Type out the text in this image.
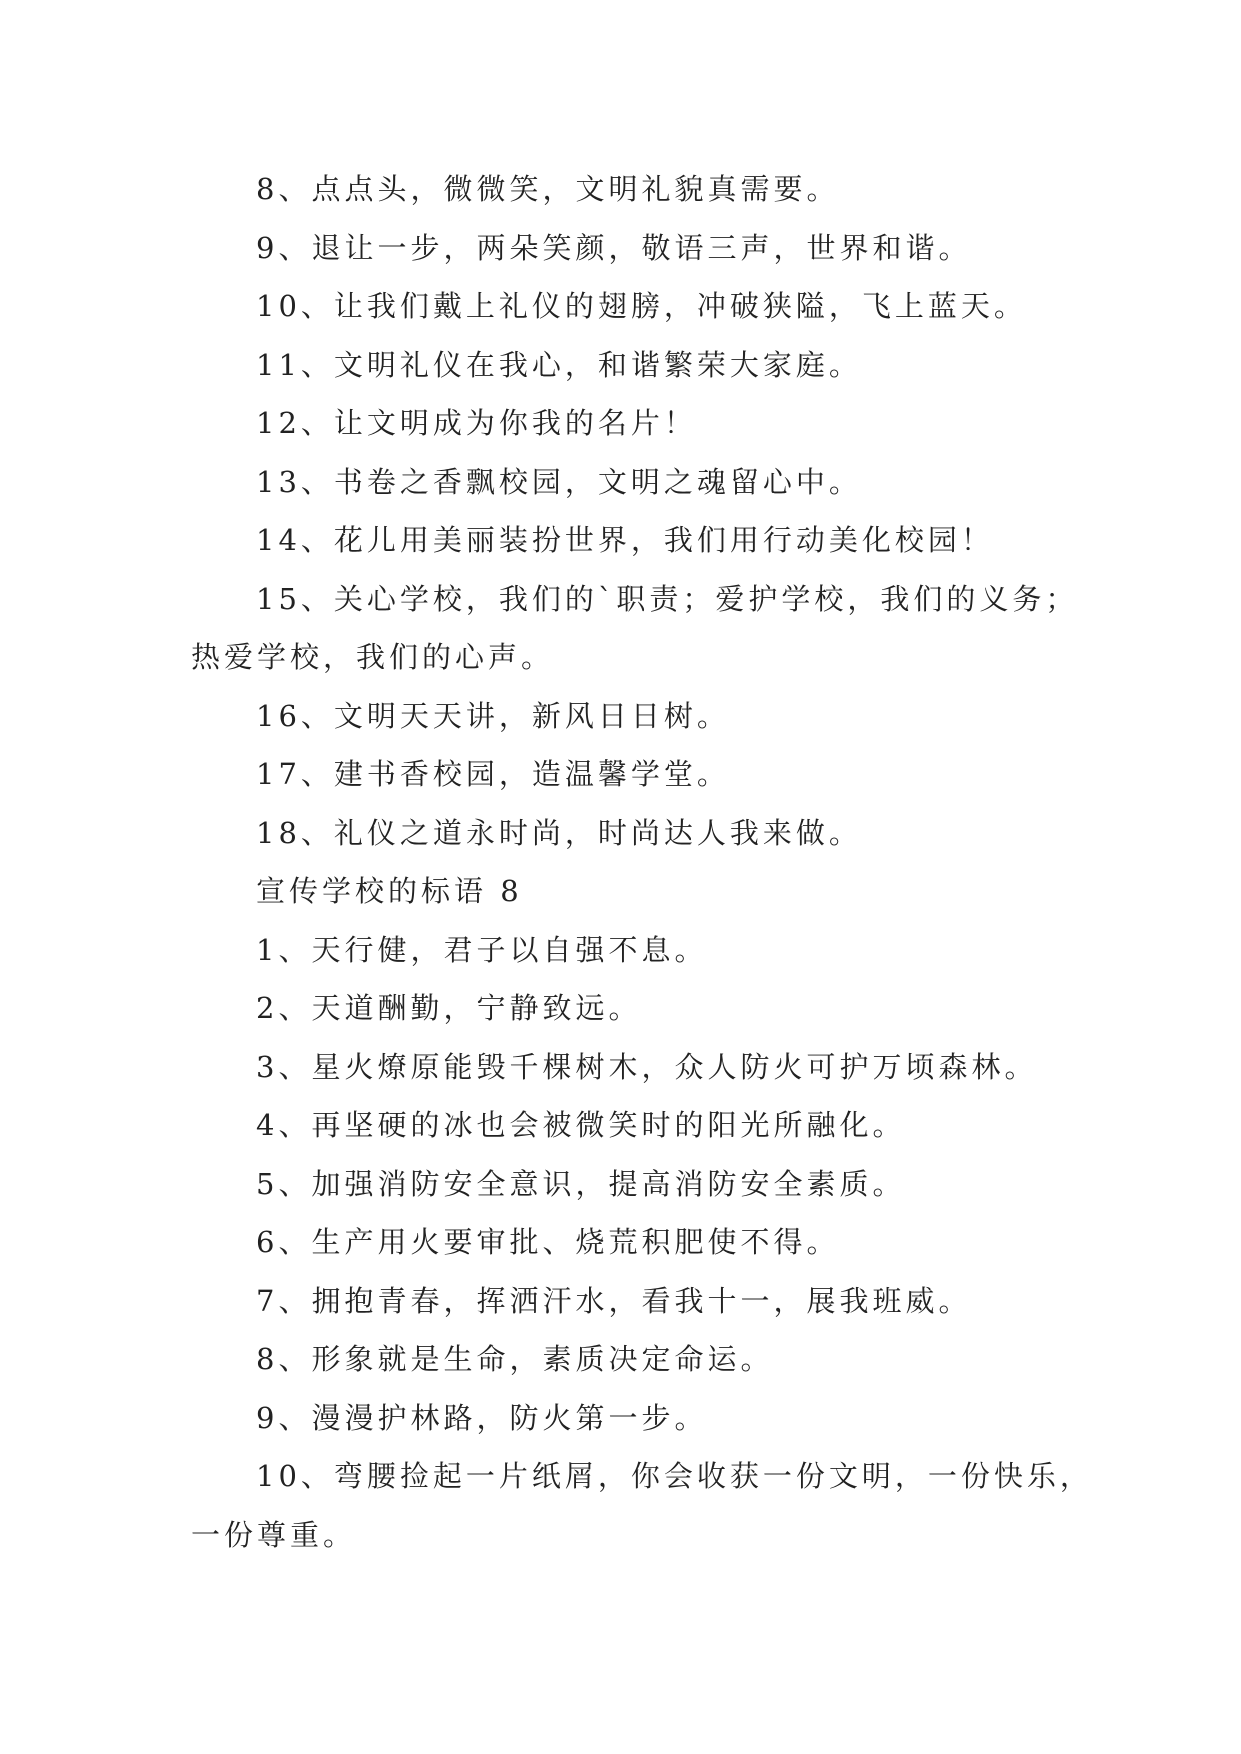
8、点点头，微微笑，文明礼貌真需要。

9、退让一步，两朵笑颜，敬语三声，世界和谐。

10、让我们戴上礼仪的翅膀，冲破狭隘，飞上蓝天。

11、文明礼仪在我心，和谐繁荣大家庭。

12、让文明成为你我的名片！

13、书卷之香飘校园，文明之魂留心中。

14、花儿用美丽装扮世界，我们用行动美化校园！

15、关心学校，我们的`职责；爱护学校，我们的义务；
热爱学校，我们的心声。

16、文明天天讲，新风日日树。

17、建书香校园，造温馨学堂。

18、礼仪之道永时尚，时尚达人我来做。

宣传学校的标语 8

1、天行健，君子以自强不息。

2、天道酬勤，宁静致远。

3、星火燎原能毁千棵树木，众人防火可护万顷森林。

4、再坚硬的冰也会被微笑时的阳光所融化。

5、加强消防安全意识，提高消防安全素质。

6、生产用火要审批、烧荒积肥使不得。

7、拥抱青春，挥洒汗水，看我十一，展我班威。

8、形象就是生命，素质决定命运。

9、漫漫护林路，防火第一步。

10、弯腰捡起一片纸屑，你会收获一份文明，一份快乐，
一份尊重。
